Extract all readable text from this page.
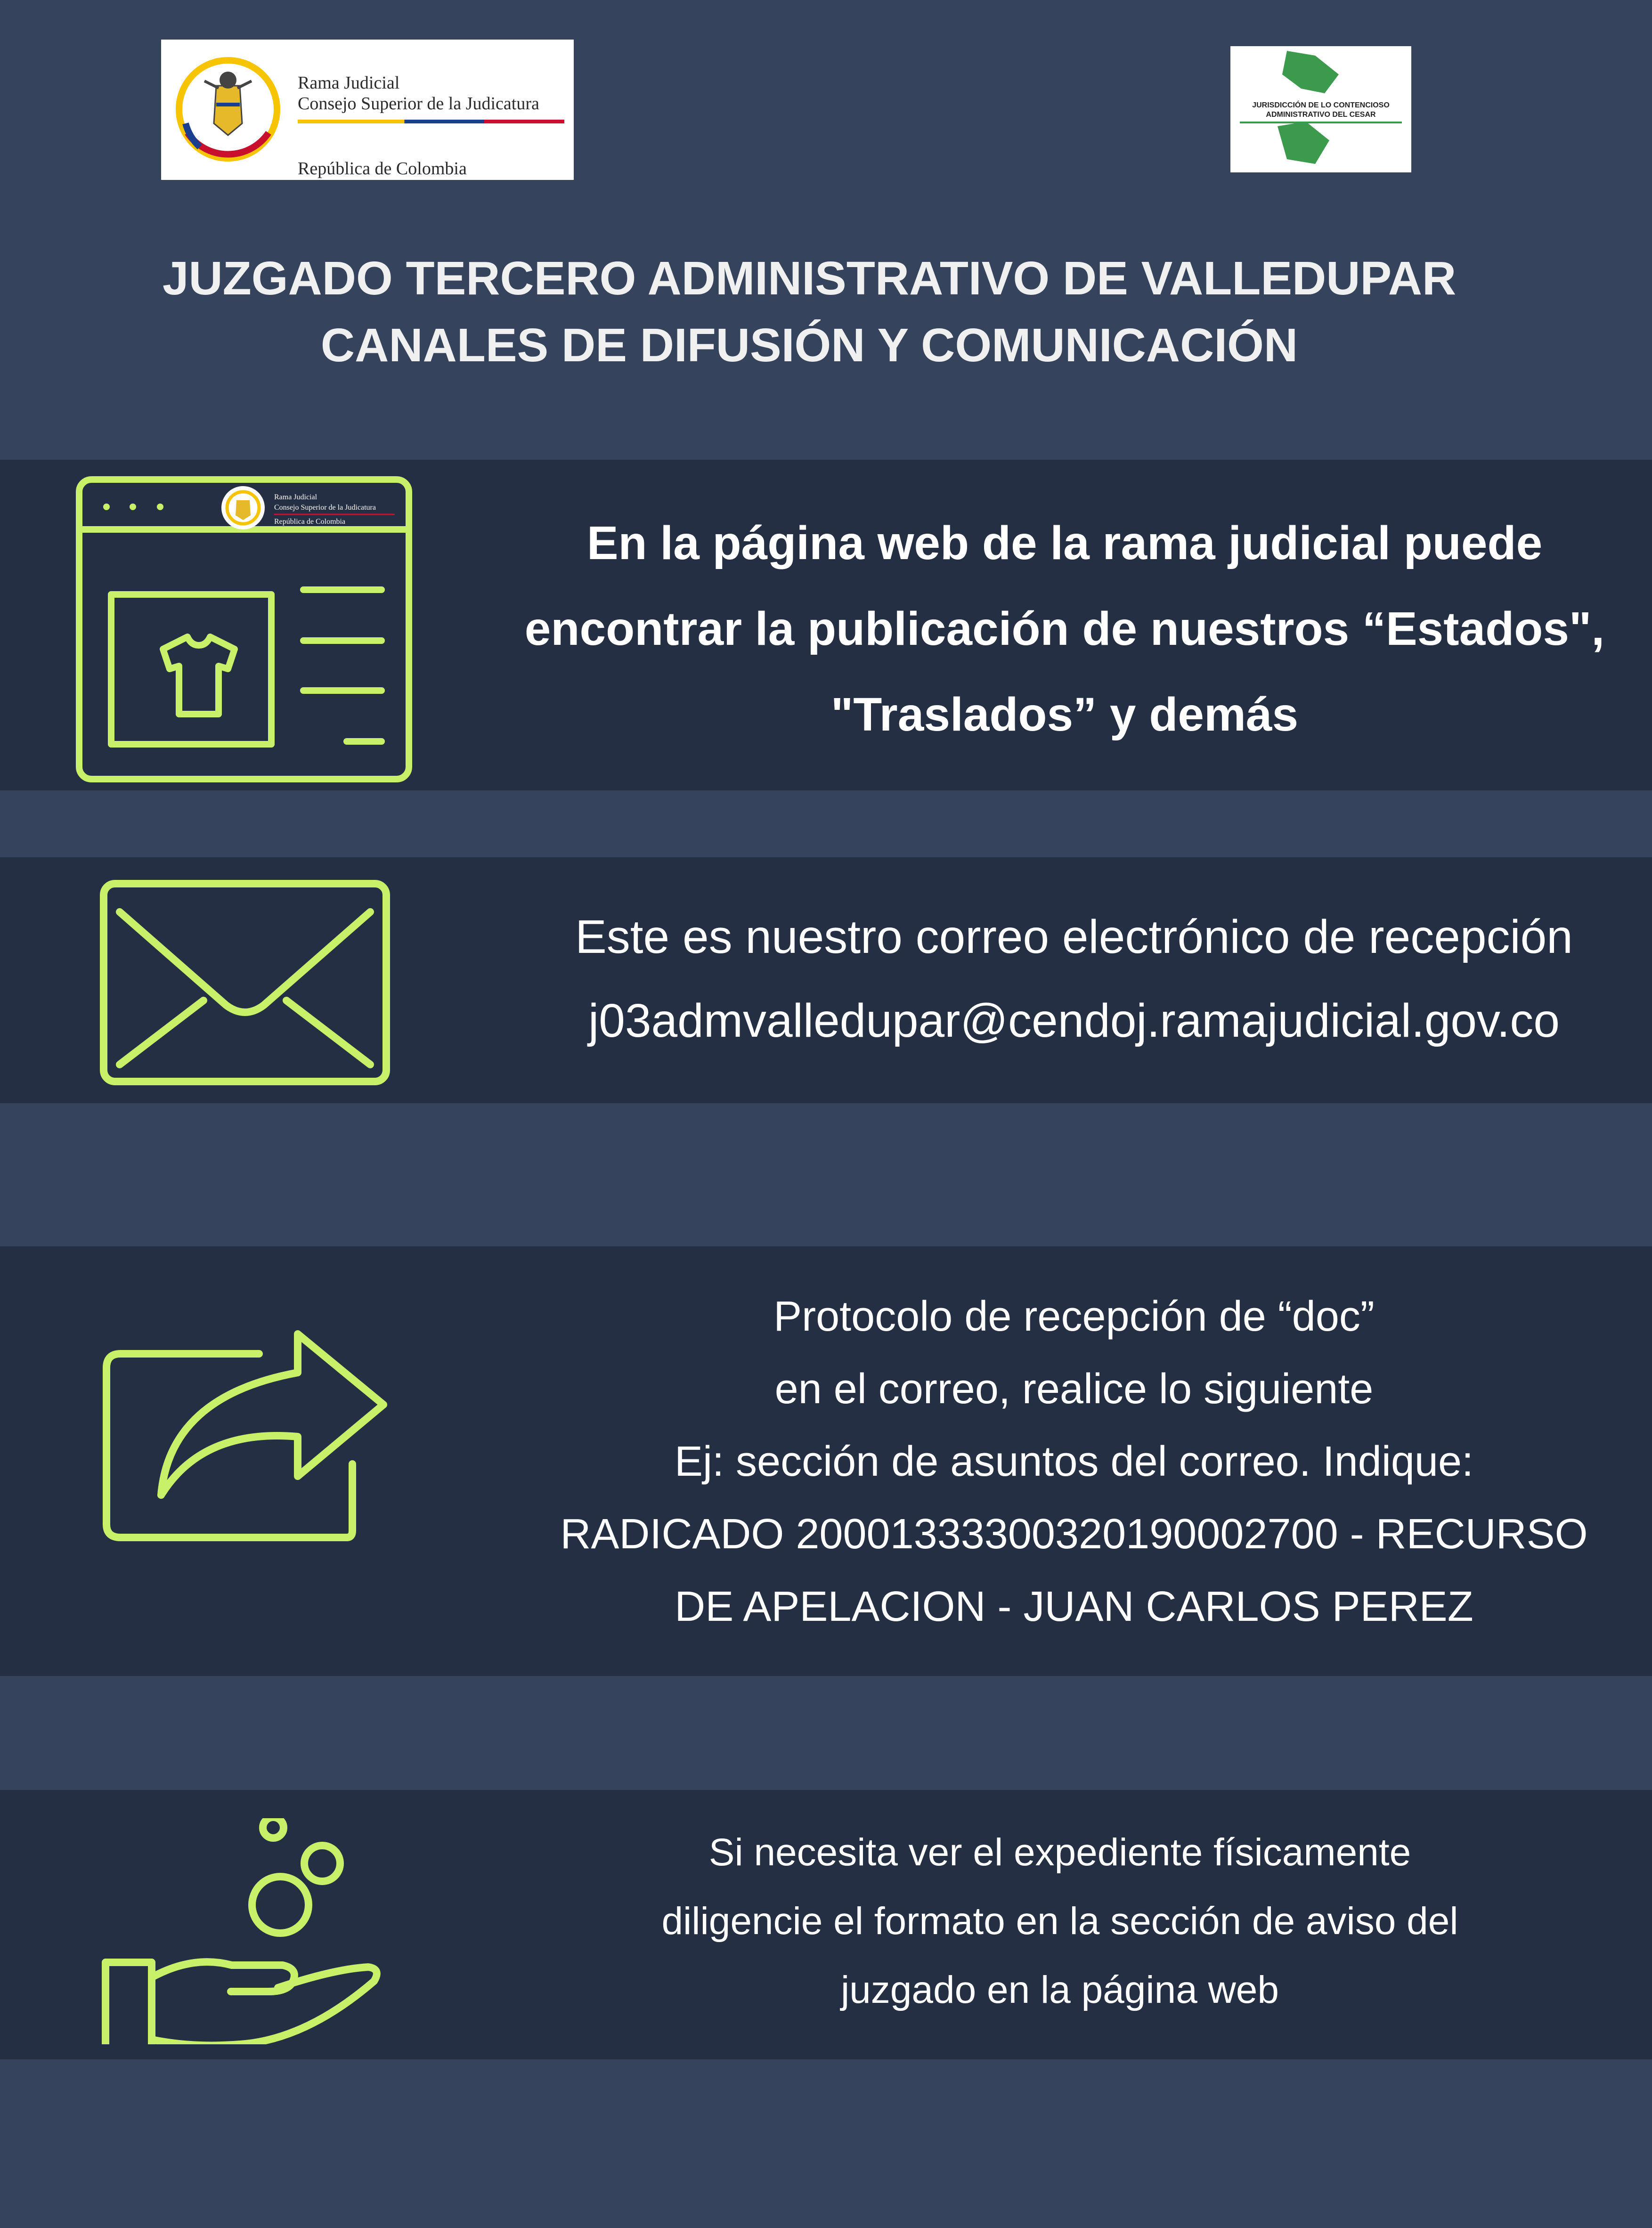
Rama Judicial
Consejo Superior de la Judicatura
República de Colombia
JURISDICCIÓN DE LO CONTENCIOSO
ADMINISTRATIVO DEL CESAR
JUZGADO TERCERO ADMINISTRATIVO DE VALLEDUPAR
CANALES DE DIFUSIÓN Y COMUNICACIÓN
Rama Judicial
Consejo Superior de la Judicatura
República de Colombia	En la página web de la rama judicial puede
encontrar la publicación de nuestros “Estados",
"Traslados” y demás
Este es nuestro correo electrónico de recepción
j03admvalledupar@cendoj.ramajudicial.gov.co
Protocolo de recepción de “doc”
en el correo, realice lo siguiente
Ej: sección de asuntos del correo. Indique:
RADICADO 20001333300320190002700 - RECURSO
DE APELACION - JUAN CARLOS PEREZ
Si necesita ver el expediente físicamente
diligencie el formato en la sección de aviso del
juzgado en la página web
